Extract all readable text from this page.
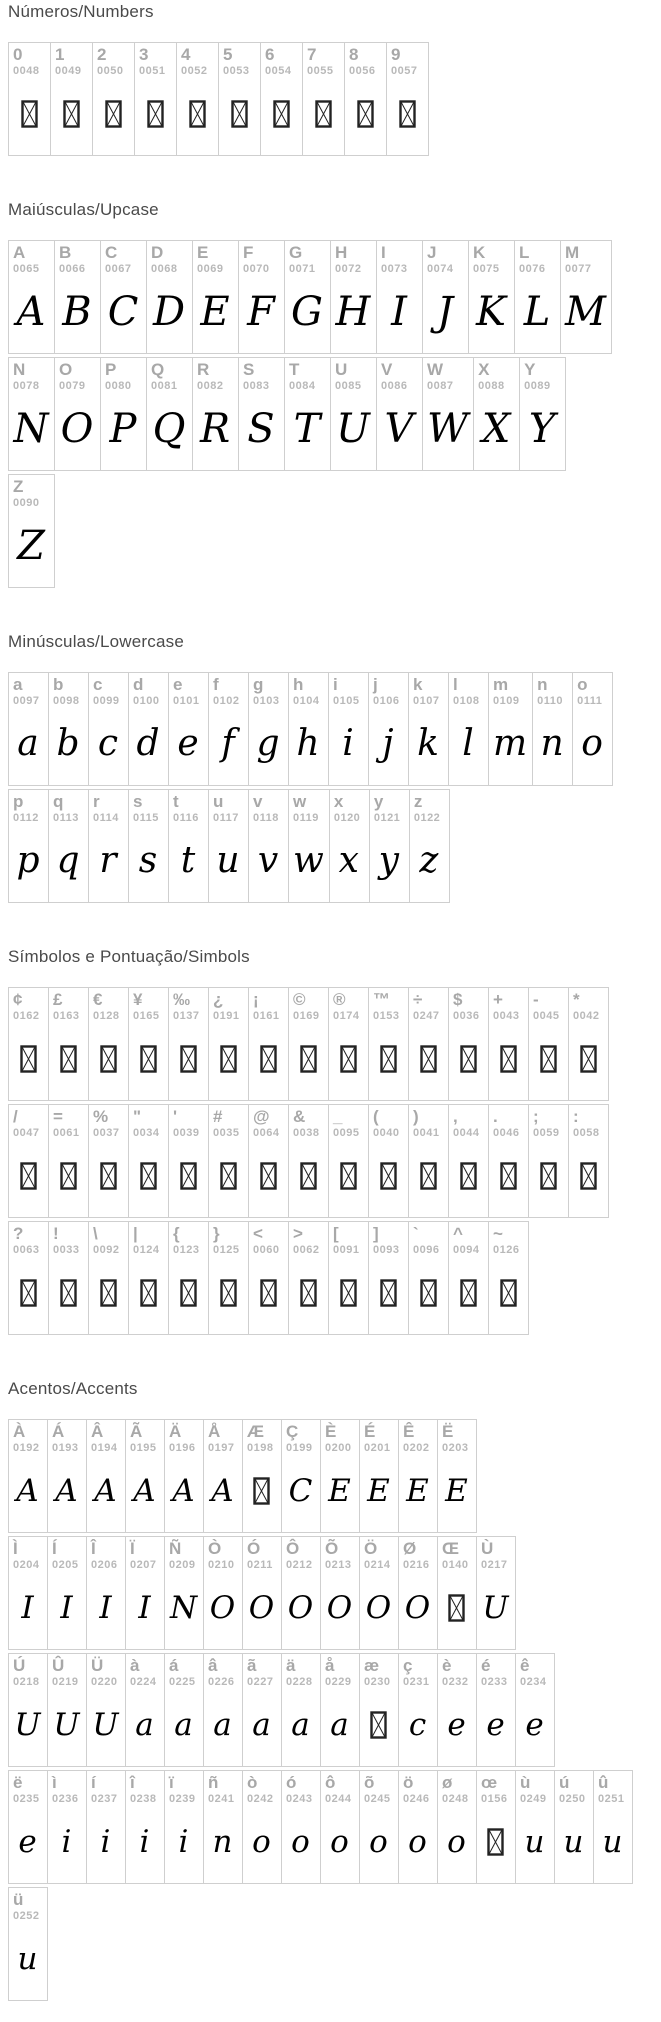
Números/Numbers
0
0048
1
0049
2
0050
3
0051
4
0052
5
0053
6
0054
7
0055
8
0056
9
0057
Maiúsculas/Upcase
A
0065
A
B
0066
B
C
0067
C
D
0068
D
E
0069
E
F
0070
F
G
0071
G
H
0072
H
I
0073
I
J
0074
J
K
0075
K
L
0076
L
M
0077
M
N
0078
N
O
0079
O
P
0080
P
Q
0081
Q
R
0082
R
S
0083
S
T
0084
T
U
0085
U
V
0086
V
W
0087
W
X
0088
X
Y
0089
Y
Z
0090
Z
Minúsculas/Lowercase
a
0097
a
b
0098
b
c
0099
c
d
0100
d
e
0101
e
f
0102
f
g
0103
g
h
0104
h
i
0105
i
j
0106
j
k
0107
k
l
0108
l
m
0109
m
n
0110
n
o
0111
o
p
0112
p
q
0113
q
r
0114
r
s
0115
s
t
0116
t
u
0117
u
v
0118
v
w
0119
w
x
0120
x
y
0121
y
z
0122
z
Símbolos e Pontuação/Simbols
¢
0162
£
0163
€
0128
¥
0165
‰
0137
¿
0191
¡
0161
©
0169
®
0174
™
0153
÷
0247
$
0036
+
0043
-
0045
*
0042
/
0047
=
0061
%
0037
"
0034
'
0039
#
0035
@
0064
&
0038
_
0095
(
0040
)
0041
,
0044
.
0046
;
0059
:
0058
?
0063
!
0033
\
0092
|
0124
{
0123
}
0125
<
0060
>
0062
[
0091
]
0093
`
0096
^
0094
~
0126
Acentos/Accents
À
0192
A
Á
0193
A
Â
0194
A
Ã
0195
A
Ä
0196
A
Å
0197
A
Æ
0198
Ç
0199
C
È
0200
E
É
0201
E
Ê
0202
E
Ë
0203
E
Ì
0204
I
Í
0205
I
Î
0206
I
Ï
0207
I
Ñ
0209
N
Ò
0210
O
Ó
0211
O
Ô
0212
O
Õ
0213
O
Ö
0214
O
Ø
0216
O
Œ
0140
Ù
0217
U
Ú
0218
U
Û
0219
U
Ü
0220
U
à
0224
a
á
0225
a
â
0226
a
ã
0227
a
ä
0228
a
å
0229
a
æ
0230
ç
0231
c
è
0232
e
é
0233
e
ê
0234
e
ë
0235
e
ì
0236
i
í
0237
i
î
0238
i
ï
0239
i
ñ
0241
n
ò
0242
o
ó
0243
o
ô
0244
o
õ
0245
o
ö
0246
o
ø
0248
o
œ
0156
ù
0249
u
ú
0250
u
û
0251
u
ü
0252
u
